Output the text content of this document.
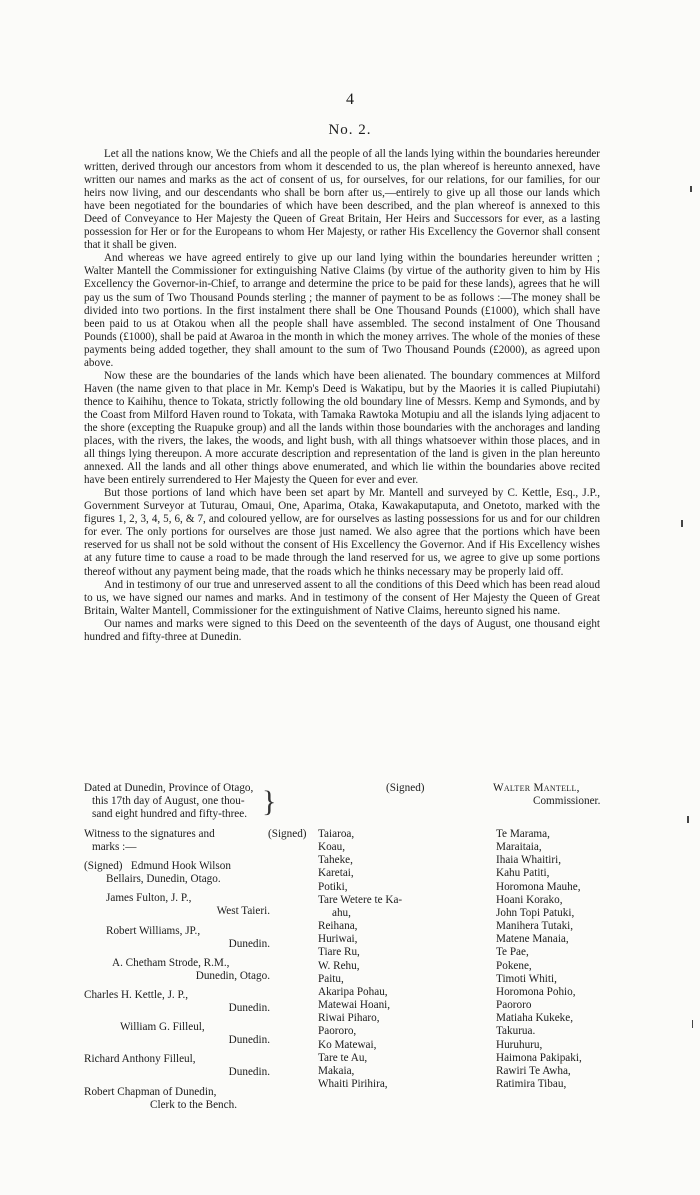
4
No. 2.

Let all the nations know, We the Chiefs and all the people of all the lands lying within the boundaries hereunder written, derived through our ancestors from whom it descended to us, the plan whereof is hereunto annexed, have written our names and marks as the act of consent of us, for ourselves, for our relations, for our families, for our heirs now living, and our descendants who shall be born after us,—entirely to give up all those our lands which have been negotiated for the boundaries of which have been described, and the plan whereof is annexed to this Deed of Conveyance to Her Majesty the Queen of Great Britain, Her Heirs and Successors for ever, as a lasting possession for Her or for the Europeans to whom Her Majesty, or rather His Excellency the Governor shall consent that it shall be given.

And whereas we have agreed entirely to give up our land lying within the boundaries hereunder written ; Walter Mantell the Commissioner for extinguishing Native Claims (by virtue of the authority given to him by His Excellency the Governor-in-Chief, to arrange and determine the price to be paid for these lands), agrees that he will pay us the sum of Two Thousand Pounds sterling ; the manner of payment to be as follows :—The money shall be divided into two portions. In the first instalment there shall be One Thousand Pounds (£1000), which shall have been paid to us at Otakou when all the people shall have assembled. The second instalment of One Thousand Pounds (£1000), shall be paid at Awaroa in the month in which the money arrives. The whole of the monies of these payments being added together, they shall amount to the sum of Two Thousand Pounds (£2000), as agreed upon above.

Now these are the boundaries of the lands which have been alienated. The boundary commences at Milford Haven (the name given to that place in Mr. Kemp's Deed is Wakatipu, but by the Maories it is called Piupiutahi) thence to Kaihihu, thence to Tokata, strictly following the old boundary line of Messrs. Kemp and Symonds, and by the Coast from Milford Haven round to Tokata, with Tamaka Rawtoka Motupiu and all the islands lying adjacent to the shore (excepting the Ruapuke group) and all the lands within those boundaries with the anchorages and landing places, with the rivers, the lakes, the woods, and light bush, with all things whatsoever within those places, and in all things lying thereupon. A more accurate description and representation of the land is given in the plan hereunto annexed. All the lands and all other things above enumerated, and which lie within the boundaries above recited have been entirely surrendered to Her Majesty the Queen for ever and ever.

But those portions of land which have been set apart by Mr. Mantell and surveyed by C. Kettle, Esq., J.P., Government Surveyor at Tuturau, Omaui, One, Aparima, Otaka, Kawakaputaputa, and Onetoto, marked with the figures 1, 2, 3, 4, 5, 6, & 7, and coloured yellow, are for ourselves as lasting possessions for us and for our children for ever. The only portions for ourselves are those just named. We also agree that the portions which have been reserved for us shall not be sold without the consent of His Excellency the Governor. And if His Excellency wishes at any future time to cause a road to be made through the land reserved for us, we agree to give up some portions thereof without any payment being made, that the roads which he thinks necessary may be properly laid off.

And in testimony of our true and unreserved assent to all the conditions of this Deed which has been read aloud to us, we have signed our names and marks. And in testimony of the consent of Her Majesty the Queen of Great Britain, Walter Mantell, Commissioner for the extinguishment of Native Claims, hereunto signed his name.

Our names and marks were signed to this Deed on the seventeenth of the days of August, one thousand eight hundred and fifty-three at Dunedin.

Dated at Dunedin, Province of Otago,
this 17th day of August, one thou-
sand eight hundred and fifty-three. }	(Signed)	Walter Mantell,
Commissioner.
Witness to the signatures and
marks :—
(Signed) Edmund Hook Wilson
Bellairs, Dunedin, Otago.
James Fulton, J. P.,
West Taieri.
Robert Williams, JP.,
Dunedin.
A. Chetham Strode, R.M.,
Dunedin, Otago.
Charles H. Kettle, J. P.,
Dunedin.
William G. Filleul,
Dunedin.
Richard Anthony Filleul,
Dunedin.
Robert Chapman of Dunedin,
Clerk to the Bench.
(Signed) Taiaroa,
Koau,
Taheke,
Karetai,
Potiki,
Tare Wetere te Ka-
ahu,
Reihana,
Huriwai,
Tiare Ru,
W. Rehu,
Paitu,
Akaripa Pohau,
Matewai Hoani,
Riwai Piharo,
Paororo,
Ko Matewai,
Tare te Au,
Makaia,
Whaiti Pirihira,
Te Marama,
Maraitaia,
Ihaia Whaitiri,
Kahu Patiti,
Horomona Mauhe,
Hoani Korako,
John Topi Patuki,
Manihera Tutaki,
Matene Manaia,
Te Pae,
Pokene,
Timoti Whiti,
Horomona Pohio,
Paororo
Matiaha Kukeke,
Takurua.
Huruhuru,
Haimona Pakipaki,
Rawiri Te Awha,
Ratimira Tibau,
